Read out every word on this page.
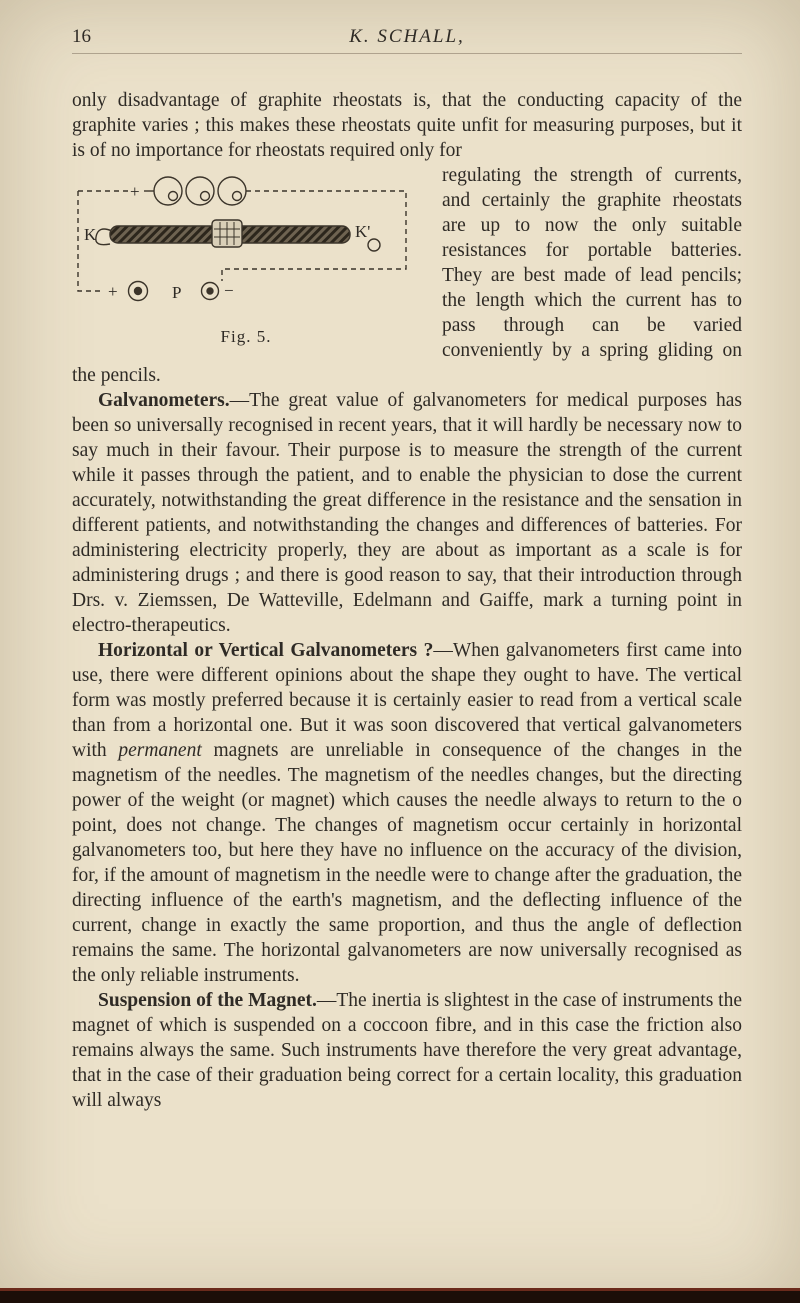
16	K. SCHALL,

only disadvantage of graphite rheostats is, that the conducting capacity of the graphite varies ; this makes these rheostats quite unfit for measuring purposes, but it is of no importance for rheostats required only for

+
K	K'
+	P	−
Fig. 5.

regulating the strength of currents, and certainly the graphite rheostats are up to now the only suitable resistances for portable batteries. They are best made of lead pencils; the length which the current has to pass through can be varied conveniently by a spring gliding on the pencils.

Galvanometers.—The great value of galvanometers for medical purposes has been so universally recognised in recent years, that it will hardly be necessary now to say much in their favour. Their purpose is to measure the strength of the current while it passes through the patient, and to enable the physician to dose the current accurately, notwithstanding the great difference in the resistance and the sensation in different patients, and notwithstanding the changes and differences of batteries. For administering electricity properly, they are about as important as a scale is for administering drugs ; and there is good reason to say, that their introduction through Drs. v. Ziemssen, De Watteville, Edelmann and Gaiffe, mark a turning point in electro-therapeutics.

Horizontal or Vertical Galvanometers ?—When galvanometers first came into use, there were different opinions about the shape they ought to have. The vertical form was mostly preferred because it is certainly easier to read from a vertical scale than from a horizontal one. But it was soon discovered that vertical galvanometers with permanent magnets are unreliable in consequence of the changes in the magnetism of the needles. The magnetism of the needles changes, but the directing power of the weight (or magnet) which causes the needle always to return to the o point, does not change. The changes of magnetism occur certainly in horizontal galvanometers too, but here they have no influence on the accuracy of the division, for, if the amount of magnetism in the needle were to change after the graduation, the directing influence of the earth's magnetism, and the deflecting influence of the current, change in exactly the same proportion, and thus the angle of deflection remains the same. The horizontal galvanometers are now universally recognised as the only reliable instruments.

Suspension of the Magnet.—The inertia is slightest in the case of instruments the magnet of which is suspended on a coccoon fibre, and in this case the friction also remains always the same. Such instruments have therefore the very great advantage, that in the case of their graduation being correct for a certain locality, this graduation will always
